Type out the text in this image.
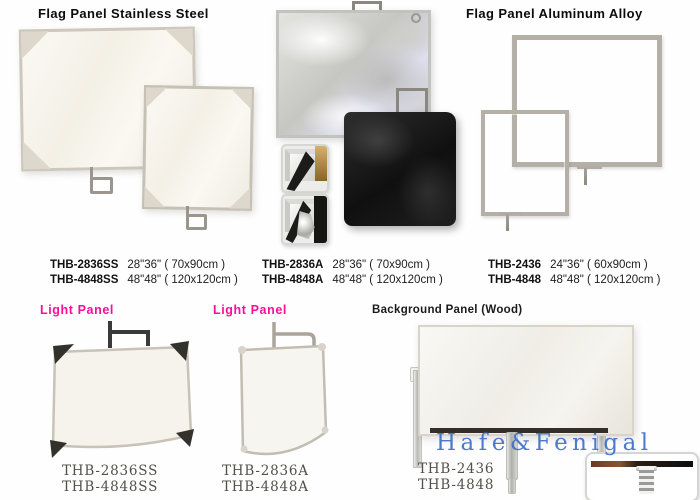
Flag Panel Stainless Steel	Flag Panel Aluminum Alloy
THB-2836SS 28"36" ( 70x90cm )
THB-4848SS 48"48" ( 120x120cm )
THB-2836A 28"36" ( 70x90cm )
THB-4848A 48"48" ( 120x120cm )
THB-2436 24"36" ( 60x90cm )
THB-4848 48"48" ( 120x120cm )
Light Panel	Light Panel	Background Panel (Wood)
Hafe&Fenigal
THB-2836SS
THB-4848SS
THB-2836A
THB-4848A
THB-2436
THB-4848
